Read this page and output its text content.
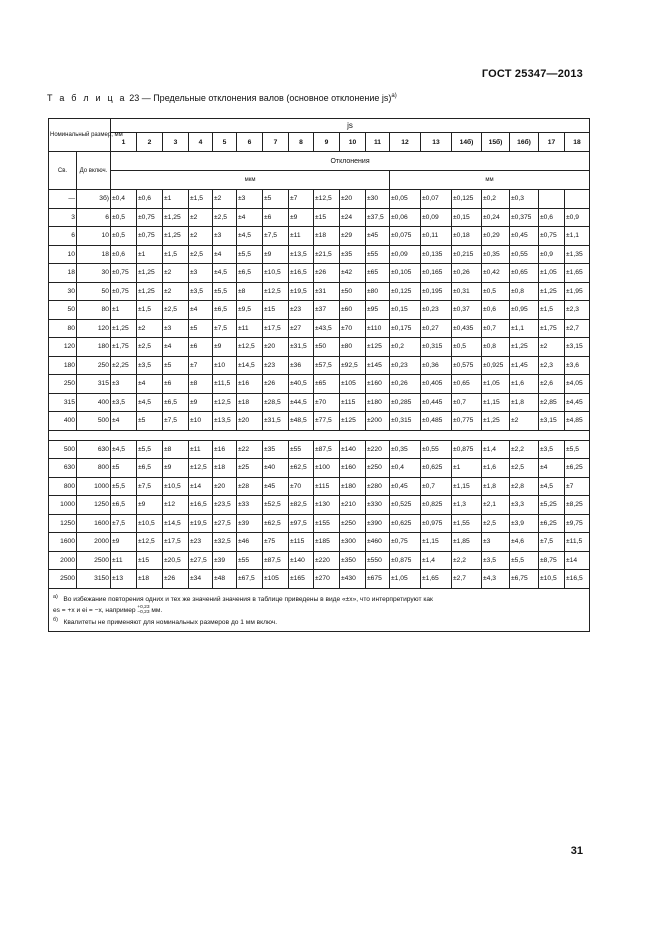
ГОСТ 25347—2013
Т а б л и ц а 23 — Предельные отклонения валов (основное отклонение js)$^{а)}$
Номинальный размер, мм		js																	
		1	2	3	4	5	6	7	8	9	10	11	12	13	14б)	15б)	16б)	17	18
Св.	До включ.	Отклонения																	
		мкм											мм						
—	3б)	±0,4	±0,6	±1	±1,5	±2	±3	±5	±7	±12,5	±20	±30	±0,05	±0,07	±0,125	±0,2	±0,3		
3	6	±0,5	±0,75	±1,25	±2	±2,5	±4	±6	±9	±15	±24	±37,5	±0,06	±0,09	±0,15	±0,24	±0,375	±0,6	±0,9
6	10	±0,5	±0,75	±1,25	±2	±3	±4,5	±7,5	±11	±18	±29	±45	±0,075	±0,11	±0,18	±0,29	±0,45	±0,75	±1,1
10	18	±0,6	±1	±1,5	±2,5	±4	±5,5	±9	±13,5	±21,5	±35	±55	±0,09	±0,135	±0,215	±0,35	±0,55	±0,9	±1,35
18	30	±0,75	±1,25	±2	±3	±4,5	±6,5	±10,5	±16,5	±26	±42	±65	±0,105	±0,165	±0,26	±0,42	±0,65	±1,05	±1,65
30	50	±0,75	±1,25	±2	±3,5	±5,5	±8	±12,5	±19,5	±31	±50	±80	±0,125	±0,195	±0,31	±0,5	±0,8	±1,25	±1,95
50	80	±1	±1,5	±2,5	±4	±6,5	±9,5	±15	±23	±37	±60	±95	±0,15	±0,23	±0,37	±0,6	±0,95	±1,5	±2,3
80	120	±1,25	±2	±3	±5	±7,5	±11	±17,5	±27	±43,5	±70	±110	±0,175	±0,27	±0,435	±0,7	±1,1	±1,75	±2,7
120	180	±1,75	±2,5	±4	±6	±9	±12,5	±20	±31,5	±50	±80	±125	±0,2	±0,315	±0,5	±0,8	±1,25	±2	±3,15
180	250	±2,25	±3,5	±5	±7	±10	±14,5	±23	±36	±57,5	±92,5	±145	±0,23	±0,36	±0,575	±0,925	±1,45	±2,3	±3,6
250	315	±3	±4	±6	±8	±11,5	±16	±26	±40,5	±65	±105	±160	±0,26	±0,405	±0,65	±1,05	±1,6	±2,6	±4,05
315	400	±3,5	±4,5	±6,5	±9	±12,5	±18	±28,5	±44,5	±70	±115	±180	±0,285	±0,445	±0,7	±1,15	±1,8	±2,85	±4,45
400	500	±4	±5	±7,5	±10	±13,5	±20	±31,5	±48,5	±77,5	±125	±200	±0,315	±0,485	±0,775	±1,25	±2	±3,15	±4,85

500	630	±4,5	±5,5	±8	±11	±16	±22	±35	±55	±87,5	±140	±220	±0,35	±0,55	±0,875	±1,4	±2,2	±3,5	±5,5
630	800	±5	±6,5	±9	±12,5	±18	±25	±40	±62,5	±100	±160	±250	±0,4	±0,625	±1	±1,6	±2,5	±4	±6,25
800	1000	±5,5	±7,5	±10,5	±14	±20	±28	±45	±70	±115	±180	±280	±0,45	±0,7	±1,15	±1,8	±2,8	±4,5	±7
1000	1250	±6,5	±9	±12	±16,5	±23,5	±33	±52,5	±82,5	±130	±210	±330	±0,525	±0,825	±1,3	±2,1	±3,3	±5,25	±8,25
1250	1600	±7,5	±10,5	±14,5	±19,5	±27,5	±39	±62,5	±97,5	±155	±250	±390	±0,625	±0,975	±1,55	±2,5	±3,9	±6,25	±9,75
1600	2000	±9	±12,5	±17,5	±23	±32,5	±46	±75	±115	±185	±300	±460	±0,75	±1,15	±1,85	±3	±4,6	±7,5	±11,5
2000	2500	±11	±15	±20,5	±27,5	±39	±55	±87,5	±140	±220	±350	±550	±0,875	±1,4	±2,2	±3,5	±5,5	±8,75	±14
2500	3150	±13	±18	±26	±34	±48	±67,5	±105	±165	±270	±430	±675	±1,05	±1,65	±2,7	±4,3	±6,75	±10,5	±16,5

$^{а)}$ Во избежание повторения одних и тех же значений значения в таблице приведены в виде «±x», что интерпретируют как
es = +x и ei = −x, например +0,23
−0,23 мм.
$^{б)}$ Квалитеты не применяют для номинальных размеров до 1 мм включ.																			
31
